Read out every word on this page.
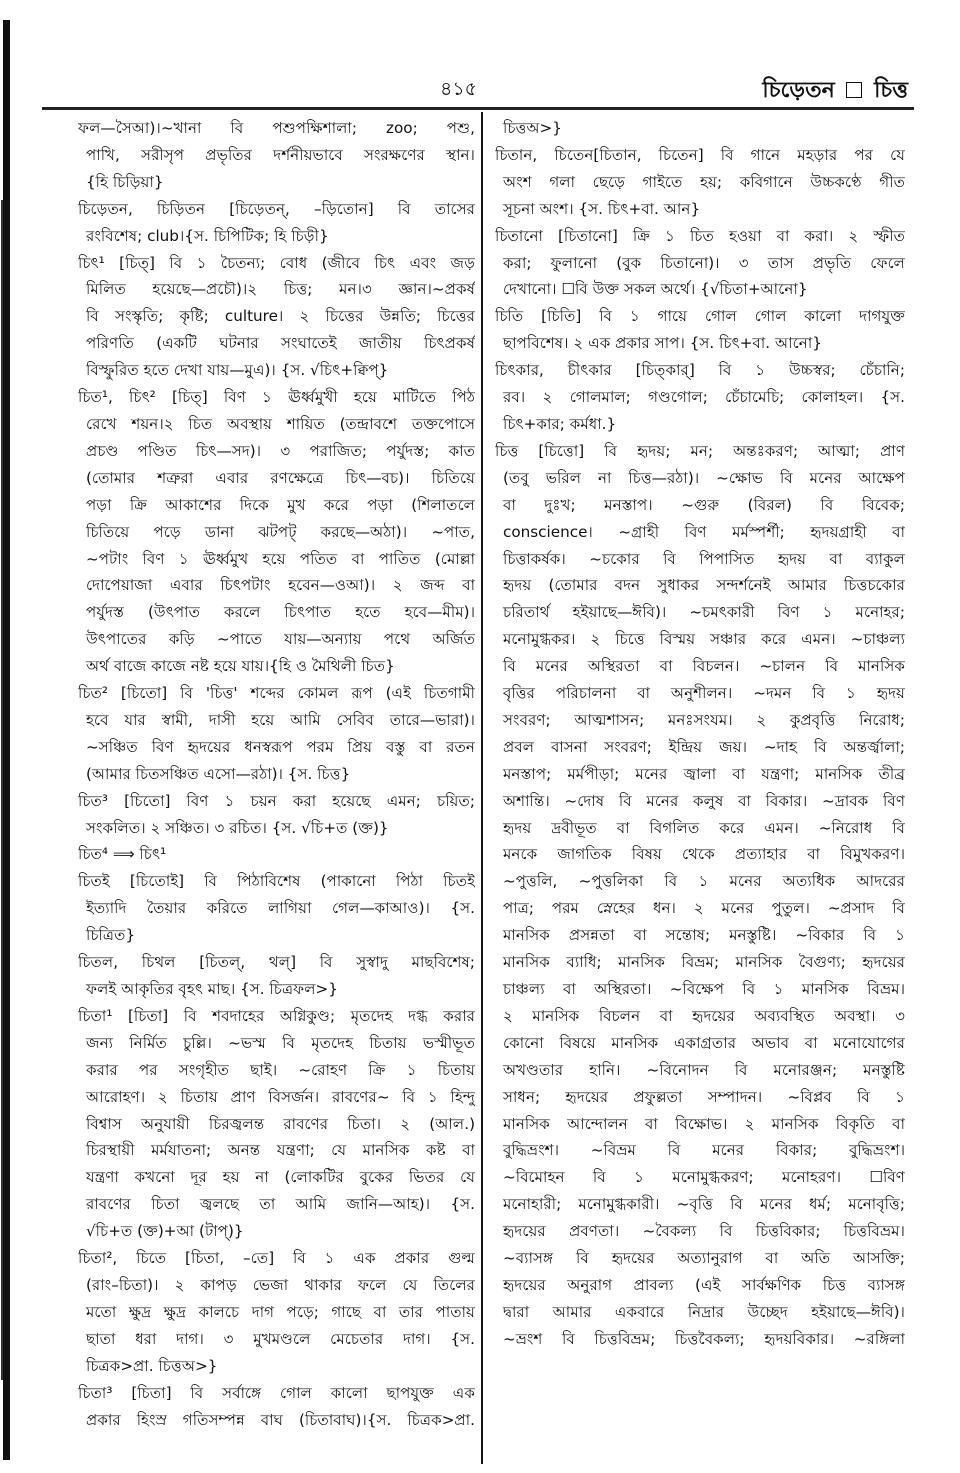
৪১৫	চিড়েতন চিত্ত
ফল—সৈআ)।~খানা বি পশুপক্ষিশালা; zoo; পশু,
পাখি, সরীসৃপ প্রভৃতির দর্শনীয়ভাবে সংরক্ষণের স্থান।
{হি চিড়িয়া}
চিড়েতন, চিড়িতন [চিড়েতন্, –ড়িতোন] বি তাসের
রংবিশেষ; club।{স. চিপিটিক; হি চিড়ী}
চিৎ¹ [চিত্] বি ১ চৈতন্য; বোধ (জীবে চিৎ এবং জড়
মিলিত হয়েছে—প্রচৌ)।২ চিত্ত; মন।৩ জ্ঞান।~প্রকর্ষ
বি সংস্কৃতি; কৃষ্টি; culture। ২ চিত্তের উন্নতি; চিত্তের
পরিণতি (একটি ঘটনার সংঘাতেই জাতীয় চিৎপ্রকর্ষ
বিস্ফুরিত হতে দেখা যায়—মুএ)। {স. √চিৎ+ক্বিপ্}
চিত¹, চিৎ² [চিত্] বিণ ১ ঊর্ধ্বমুখী হয়ে মাটিতে পিঠ
রেখে শয়ন।২ চিত অবস্থায় শায়িত (তন্দ্রাবশে তক্তপোসে
প্রচণ্ড পণ্ডিত চিৎ—সদ)। ৩ পরাজিত; পর্যুদস্ত; কাত
(তোমার শত্রুরা এবার রণক্ষেত্রে চিৎ—বচ)। চিতিয়ে
পড়া ক্রি আকাশের দিকে মুখ করে পড়া (শিলাতলে
চিতিয়ে পড়ে ডানা ঝটপট্ করছে—অঠা)। ~পাত,
~পটাং বিণ ১ ঊর্ধ্বমুখ হয়ে পতিত বা পাতিত (মোল্লা
দোপেয়াজা এবার চিৎপটাং হবেন—ওআ)। ২ জব্দ বা
পর্যুদস্ত (উৎপাত করলে চিৎপাত হতে হবে—মীম)।
উৎপাতের কড়ি ~পাতে যায়—অন্যায় পথে অর্জিত
অর্থ বাজে কাজে নষ্ট হয়ে যায়।{হি ও মৈথিলী চিত}
চিত² [চিতো] বি 'চিত্ত' শব্দের কোমল রূপ (এই চিতগামী
হবে যার স্বামী, দাসী হয়ে আমি সেবিব তারে—ভারা)।
~সঞ্চিত বিণ হৃদয়ের ধনস্বরূপ পরম প্রিয় বস্তু বা রতন
(আমার চিতসঞ্চিত এসো—রঠা)। {স. চিত্ত}
চিত³ [চিতো] বিণ ১ চয়ন করা হয়েছে এমন; চয়িত;
সংকলিত। ২ সঞ্চিত। ৩ রচিত। {স. √চি+ত (ক্ত)}
চিত⁴ ⟹ চিৎ¹
চিতই [চিতোই] বি পিঠাবিশেষ (পাকানো পিঠা চিতই
ইত্যাদি তৈয়ার করিতে লাগিয়া গেল—কাআও)। {স.
চিত্রিত}
চিতল, চিথল [চিতল্, থল্] বি সুস্বাদু মাছবিশেষ;
ফলই আকৃতির বৃহৎ মাছ। {স. চিত্রফল>}
চিতা¹ [চিতা] বি শবদাহের অগ্নিকুণ্ড; মৃতদেহ দগ্ধ করার
জন্য নির্মিত চুল্লি। ~ভস্ম বি মৃতদেহ চিতায় ভস্মীভূত
করার পর সংগৃহীত ছাই। ~রোহণ ক্রি ১ চিতায়
আরোহণ। ২ চিতায় প্রাণ বিসর্জন। রাবণের~ বি ১ হিন্দু
বিশ্বাস অনুযায়ী চিরজ্বলন্ত রাবণের চিতা। ২ (আল.)
চিরস্থায়ী মর্মযাতনা; অনন্ত যন্ত্রণা; যে মানসিক কষ্ট বা
যন্ত্রণা কখনো দূর হয় না (লোকটির বুকের ভিতর যে
রাবণের চিতা জ্বলছে তা আমি জানি—আহ)। {স.
√চি+ত (ক্ত)+আ (টাপ্)}
চিতা², চিতে [চিতা, –তে] বি ১ এক প্রকার গুল্ম
(রাং–চিতা)। ২ কাপড় ভেজা থাকার ফলে যে তিলের
মতো ক্ষুদ্র ক্ষুদ্র কালচে দাগ পড়ে; গাছে বা তার পাতায়
ছাতা ধরা দাগ। ৩ মুখমণ্ডলে মেচেতার দাগ। {স.
চিত্রক>প্রা. চিত্তঅ>}
চিতা³ [চিতা] বি সর্বাঙ্গে গোল কালো ছাপযুক্ত এক
প্রকার হিংস্র গতিসম্পন্ন বাঘ (চিতাবাঘ)।{স. চিত্রক>প্রা.
চিত্তঅ>}
চিতান, চিতেন[চিতান, চিতেন] বি গানে মহড়ার পর যে
অংশ গলা ছেড়ে গাইতে হয়; কবিগানে উচ্চকণ্ঠে গীত
সূচনা অংশ। {স. চিৎ+বা. আন}
চিতানো [চিতানো] ক্রি ১ চিত হওয়া বা করা। ২ স্ফীত
করা; ফুলানো (বুক চিতানো)। ৩ তাস প্রভৃতি ফেলে
দেখানো। ☐বি উক্ত সকল অর্থে। {√চিতা+আনো}
চিতি [চিতি] বি ১ গায়ে গোল গোল কালো দাগযুক্ত
ছাপবিশেষ। ২ এক প্রকার সাপ। {স. চিৎ+বা. আনো}
চিৎকার, চীৎকার [চিত্কার্] বি ১ উচ্চস্বর; চেঁচানি;
রব। ২ গোলমাল; গণ্ডগোল; চেঁচামেচি; কোলাহল। {স.
চিৎ+কার; কর্মধা.}
চিত্ত [চিত্তো] বি হৃদয়; মন; অন্তঃকরণ; আত্মা; প্রাণ
(তবু ভরিল না চিত্ত—রঠা)। ~ক্ষোভ বি মনের আক্ষেপ
বা দুঃখ; মনস্তাপ। ~গুরু (বিরল) বি বিবেক;
conscience। ~গ্রাহী বিণ মর্মস্পর্শী; হৃদয়গ্রাহী বা
চিত্তাকর্ষক। ~চকোর বি পিপাসিত হৃদয় বা ব্যাকুল
হৃদয় (তোমার বদন সুধাকর সন্দর্শনেই আমার চিত্তচকোর
চরিতার্থ হইয়াছে—ঈবি)। ~চমৎকারী বিণ ১ মনোহর;
মনোমুগ্ধকর। ২ চিত্তে বিস্ময় সঞ্চার করে এমন। ~চাঞ্চল্য
বি মনের অস্থিরতা বা বিচলন। ~চালন বি মানসিক
বৃত্তির পরিচালনা বা অনুশীলন। ~দমন বি ১ হৃদয়
সংবরণ; আত্মশাসন; মনঃসংযম। ২ কুপ্রবৃত্তি নিরোধ;
প্রবল বাসনা সংবরণ; ইন্দ্রিয় জয়। ~দাহ বি অন্তর্জ্বালা;
মনস্তাপ; মর্মপীড়া; মনের জ্বালা বা যন্ত্রণা; মানসিক তীব্র
অশান্তি। ~দোষ বি মনের কলুষ বা বিকার। ~দ্রাবক বিণ
হৃদয় দ্রবীভূত বা বিগলিত করে এমন। ~নিরোধ বি
মনকে জাগতিক বিষয় থেকে প্রত্যাহার বা বিমুখকরণ।
~পুত্তলি, ~পুত্তলিকা বি ১ মনের অত্যধিক আদরের
পাত্র; পরম স্নেহের ধন। ২ মনের পুতুল। ~প্রসাদ বি
মানসিক প্রসন্নতা বা সন্তোষ; মনস্তুষ্টি। ~বিকার বি ১
মানসিক ব্যাধি; মানসিক বিভ্রম; মানসিক বৈগুণ্য; হৃদয়ের
চাঞ্চল্য বা অস্থিরতা। ~বিক্ষেপ বি ১ মানসিক বিভ্রম।
২ মানসিক বিচলন বা হৃদয়ের অব্যবস্থিত অবস্থা। ৩
কোনো বিষয়ে মানসিক একাগ্রতার অভাব বা মনোযোগের
অখণ্ডতার হানি। ~বিনোদন বি মনোরঞ্জন; মনস্তুষ্টি
সাধন; হৃদয়ের প্রফুল্লতা সম্পাদন। ~বিপ্লব বি ১
মানসিক আন্দোলন বা বিক্ষোভ। ২ মানসিক বিকৃতি বা
বুদ্ধিভ্রংশ। ~বিভ্রম বি মনের বিকার; বুদ্ধিভ্রংশ।
~বিমোহন বি ১ মনোমুগ্ধকরণ; মনোহরণ। ☐বিণ
মনোহারী; মনোমুগ্ধকারী। ~বৃত্তি বি মনের ধর্ম; মনোবৃত্তি;
হৃদয়ের প্রবণতা। ~বৈকল্য বি চিত্তবিকার; চিত্তবিভ্রম।
~ব্যাসঙ্গ বি হৃদয়ের অত্যানুরাগ বা অতি আসক্তি;
হৃদয়ের অনুরাগ প্রাবল্য (এই সার্বক্ষণিক চিত্ত ব্যাসঙ্গ
দ্বারা আমার একবারে নিদ্রার উচ্ছেদ হইয়াছে—ঈবি)।
~ভ্রংশ বি চিত্তবিভ্রম; চিত্তবৈকল্য; হৃদয়বিকার। ~রঙ্গিলা
